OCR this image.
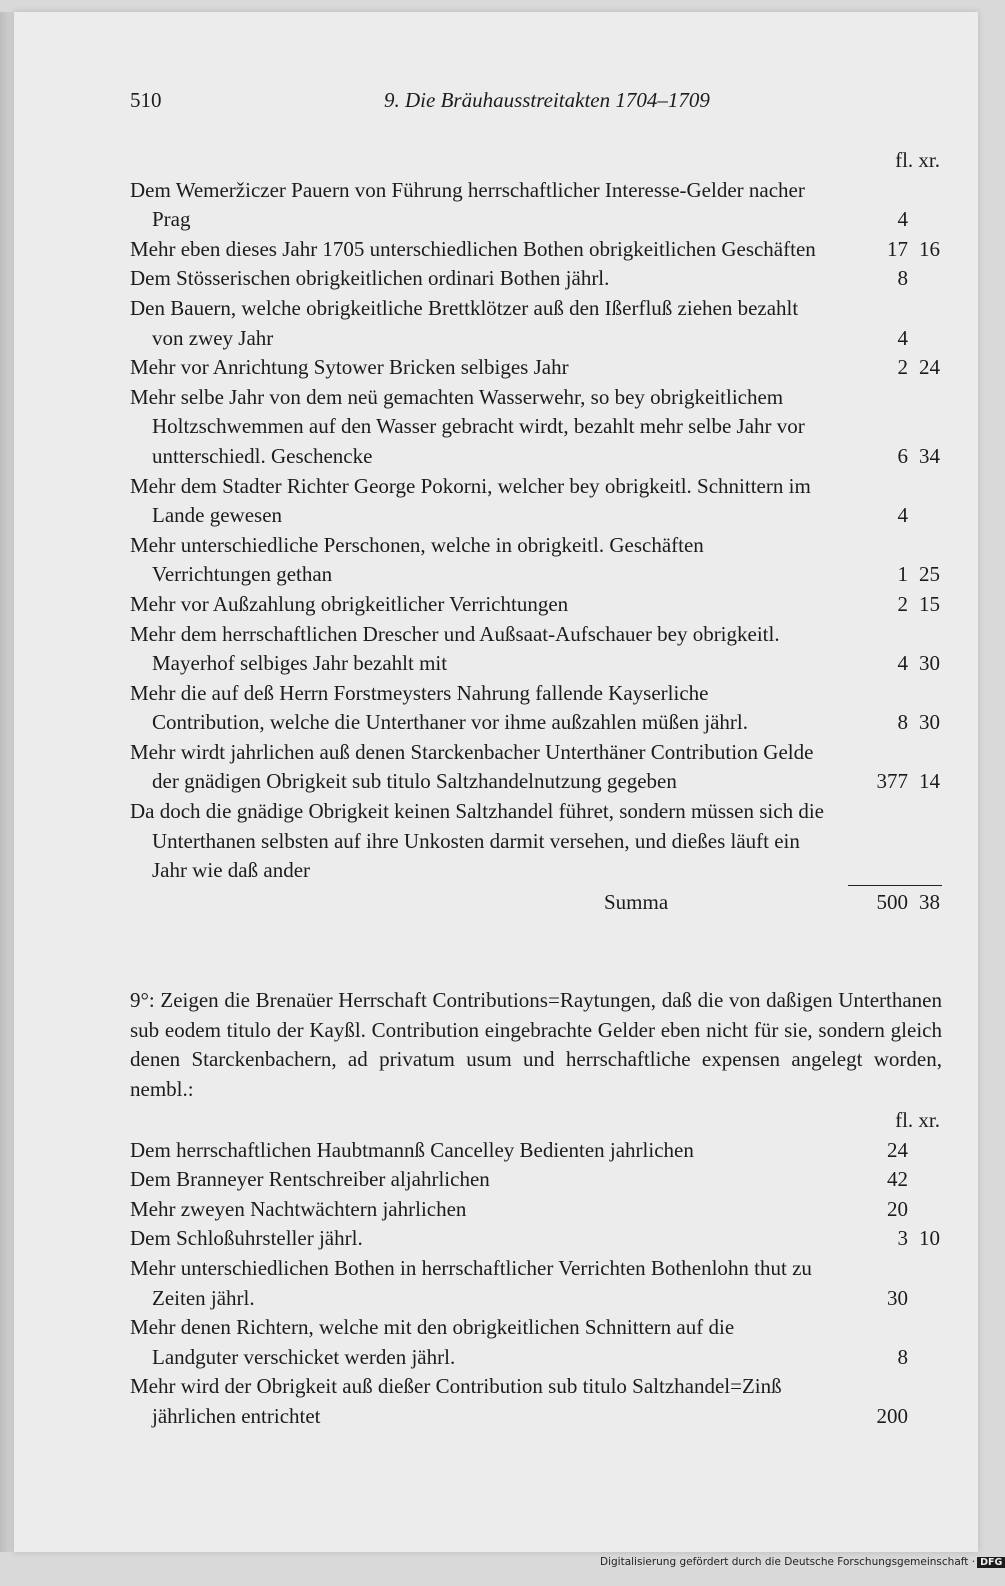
510	9. Die Bräuhausstreitakten 1704–1709
fl. xr.
Dem Wemeržiczer Pauern von Führung herrschaftlicher Interesse-Gelder nacher Prag	4
Mehr eben dieses Jahr 1705 unterschiedlichen Bothen obrigkeitlichen Geschäften	17 16
Dem Stösserischen obrigkeitlichen ordinari Bothen jährl.	8
Den Bauern, welche obrigkeitliche Brettklötzer auß den Ißerfluß ziehen bezahlt von zwey Jahr	4
Mehr vor Anrichtung Sytower Bricken selbiges Jahr	2 24
Mehr selbe Jahr von dem neü gemachten Wasserwehr, so bey obrigkeitlichem Holtzschwemmen auf den Wasser gebracht wirdt, bezahlt mehr selbe Jahr vor untterschiedl. Geschencke	6 34
Mehr dem Stadter Richter George Pokorni, welcher bey obrigkeitl. Schnittern im Lande gewesen	4
Mehr unterschiedliche Perschonen, welche in obrigkeitl. Geschäften Verrichtungen gethan	1 25
Mehr vor Außzahlung obrigkeitlicher Verrichtungen	2 15
Mehr dem herrschaftlichen Drescher und Außsaat-Aufschauer bey obrigkeitl. Mayerhof selbiges Jahr bezahlt mit	4 30
Mehr die auf deß Herrn Forstmeysters Nahrung fallende Kayserliche Contribution, welche die Unterthaner vor ihme außzahlen müßen jährl.	8 30
Mehr wirdt jahrlichen auß denen Starckenbacher Unterthäner Contribution Gelde der gnädigen Obrigkeit sub titulo Saltzhandelnutzung gegeben	377 14
Da doch die gnädige Obrigkeit keinen Saltzhandel führet, sondern müssen sich die Unterthanen selbsten auf ihre Unkosten darmit versehen, und dießes läuft ein Jahr wie daß ander
Summa	500 38
9°: Zeigen die Brenaüer Herrschaft Contributions=Raytungen, daß die von daßigen Unterthanen sub eodem titulo der Kayßl. Contribution eingebrachte Gelder eben nicht für sie, sondern gleich denen Starckenbachern, ad privatum usum und herrschaftliche expensen angelegt worden, nembl.:
fl. xr.
Dem herrschaftlichen Haubtmannß Cancelley Bedienten jahrlichen	24
Dem Branneyer Rentschreiber aljahrlichen	42
Mehr zweyen Nachtwächtern jahrlichen	20
Dem Schloßuhrsteller jährl.	3 10
Mehr unterschiedlichen Bothen in herrschaftlicher Verrichten Bothenlohn thut zu Zeiten jährl.	30
Mehr denen Richtern, welche mit den obrigkeitlichen Schnittern auf die Landguter verschicket werden jährl.	8
Mehr wird der Obrigkeit auß dießer Contribution sub titulo Saltzhandel=Zinß jährlichen entrichtet	200
Digitalisierung gefördert durch die Deutsche Forschungsgemeinschaft · DFG
